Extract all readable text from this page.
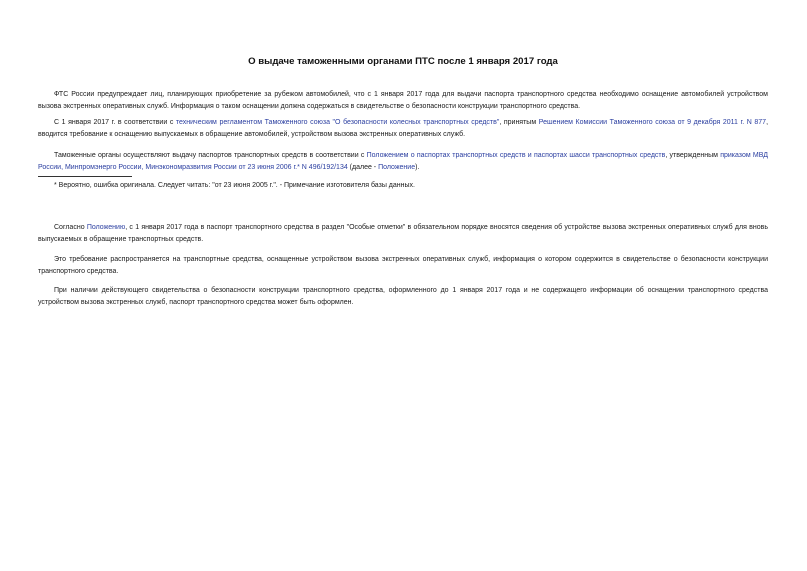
О выдаче таможенными органами ПТС после 1 января 2017 года

ФТС России предупреждает лиц, планирующих приобретение за рубежом автомобилей, что с 1 января 2017 года для выдачи паспорта транспортного средства необходимо оснащение автомобилей устройством вызова экстренных оперативных служб. Информация о таком оснащении должна содержаться в свидетельстве о безопасности конструкции транспортного средства.

С 1 января 2017 г. в соответствии с техническим регламентом Таможенного союза "О безопасности колесных транспортных средств", принятым Решением Комиссии Таможенного союза от 9 декабря 2011 г. N 877, вводится требование к оснащению выпускаемых в обращение автомобилей, устройством вызова экстренных оперативных служб.

Таможенные органы осуществляют выдачу паспортов транспортных средств в соответствии с Положением о паспортах транспортных средств и паспортах шасси транспортных средств, утвержденным приказом МВД России, Минпромэнерго России, Минэкономразвития России от 23 июня 2006 г.* N 496/192/134 (далее - Положение).

* Вероятно, ошибка оригинала. Следует читать: "от 23 июня 2005 г.". - Примечание изготовителя базы данных.

Согласно Положению, с 1 января 2017 года в паспорт транспортного средства в раздел "Особые отметки" в обязательном порядке вносятся сведения об устройстве вызова экстренных оперативных служб для вновь выпускаемых в обращение транспортных средств.

Это требование распространяется на транспортные средства, оснащенные устройством вызова экстренных оперативных служб, информация о котором содержится в свидетельстве о безопасности конструкции транспортного средства.

При наличии действующего свидетельства о безопасности конструкции транспортного средства, оформленного до 1 января 2017 года и не содержащего информации об оснащении транспортного средства устройством вызова экстренных служб, паспорт транспортного средства может быть оформлен.
